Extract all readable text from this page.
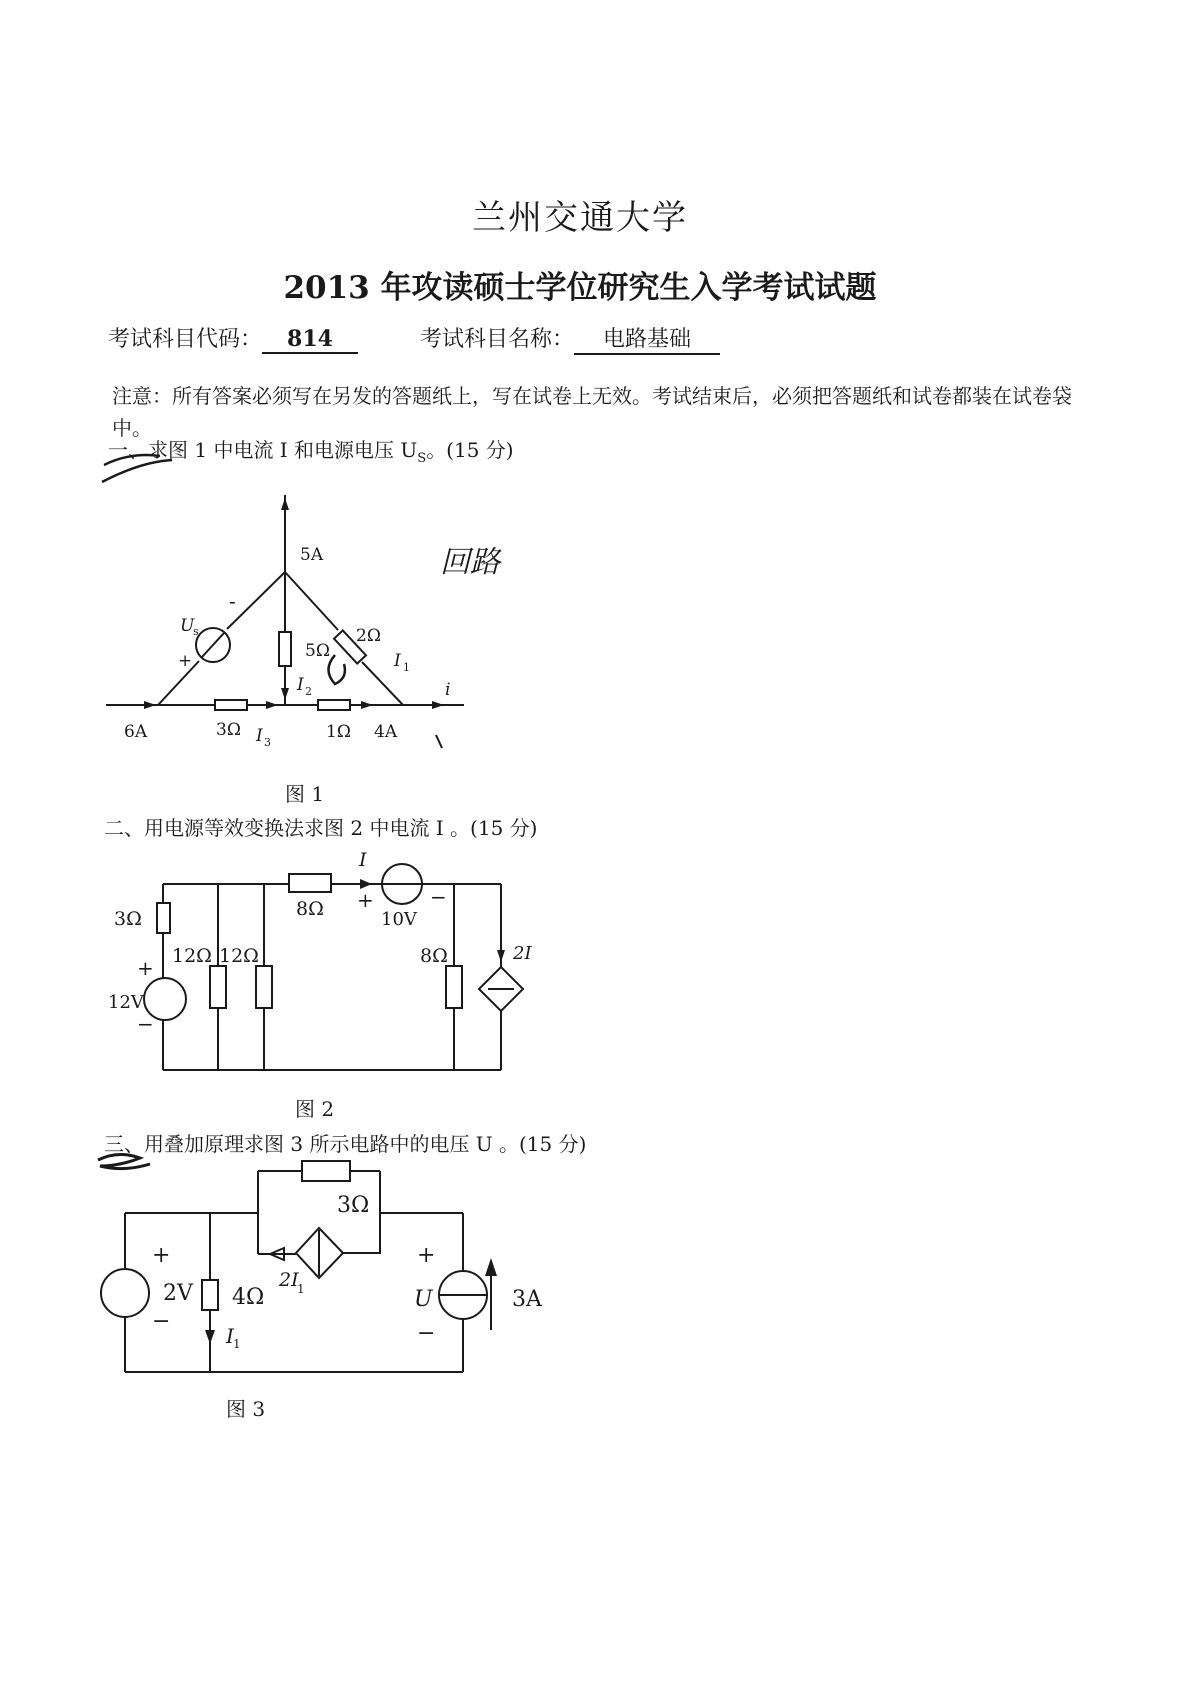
兰州交通大学
2013 年攻读硕士学位研究生入学考试试题
考试科目代码： 814	考试科目名称： 电路基础
注意：所有答案必须写在另发的答题纸上，写在试卷上无效。考试结束后，必须把答题纸和试卷都装在试卷袋中。
一、求图 1 中电流 I 和电源电压 $U_S$。(15 分)
图 1
二、用电源等效变换法求图 2 中电流 I 。(15 分)
图 2
三、用叠加原理求图 3 所示电路中的电压 U 。(15 分)
图 3
5A
6A	4A
i
U
s
+
-
3Ω	1Ω
5Ω
2Ω
I 1
I 2
I 3
回路
3Ω
12Ω 12Ω
8Ω
8Ω
12V
10V
I
2I
+
−
+	−
3Ω
4Ω
2V
2I
1
I 1
U	3A
+
−
+
−
